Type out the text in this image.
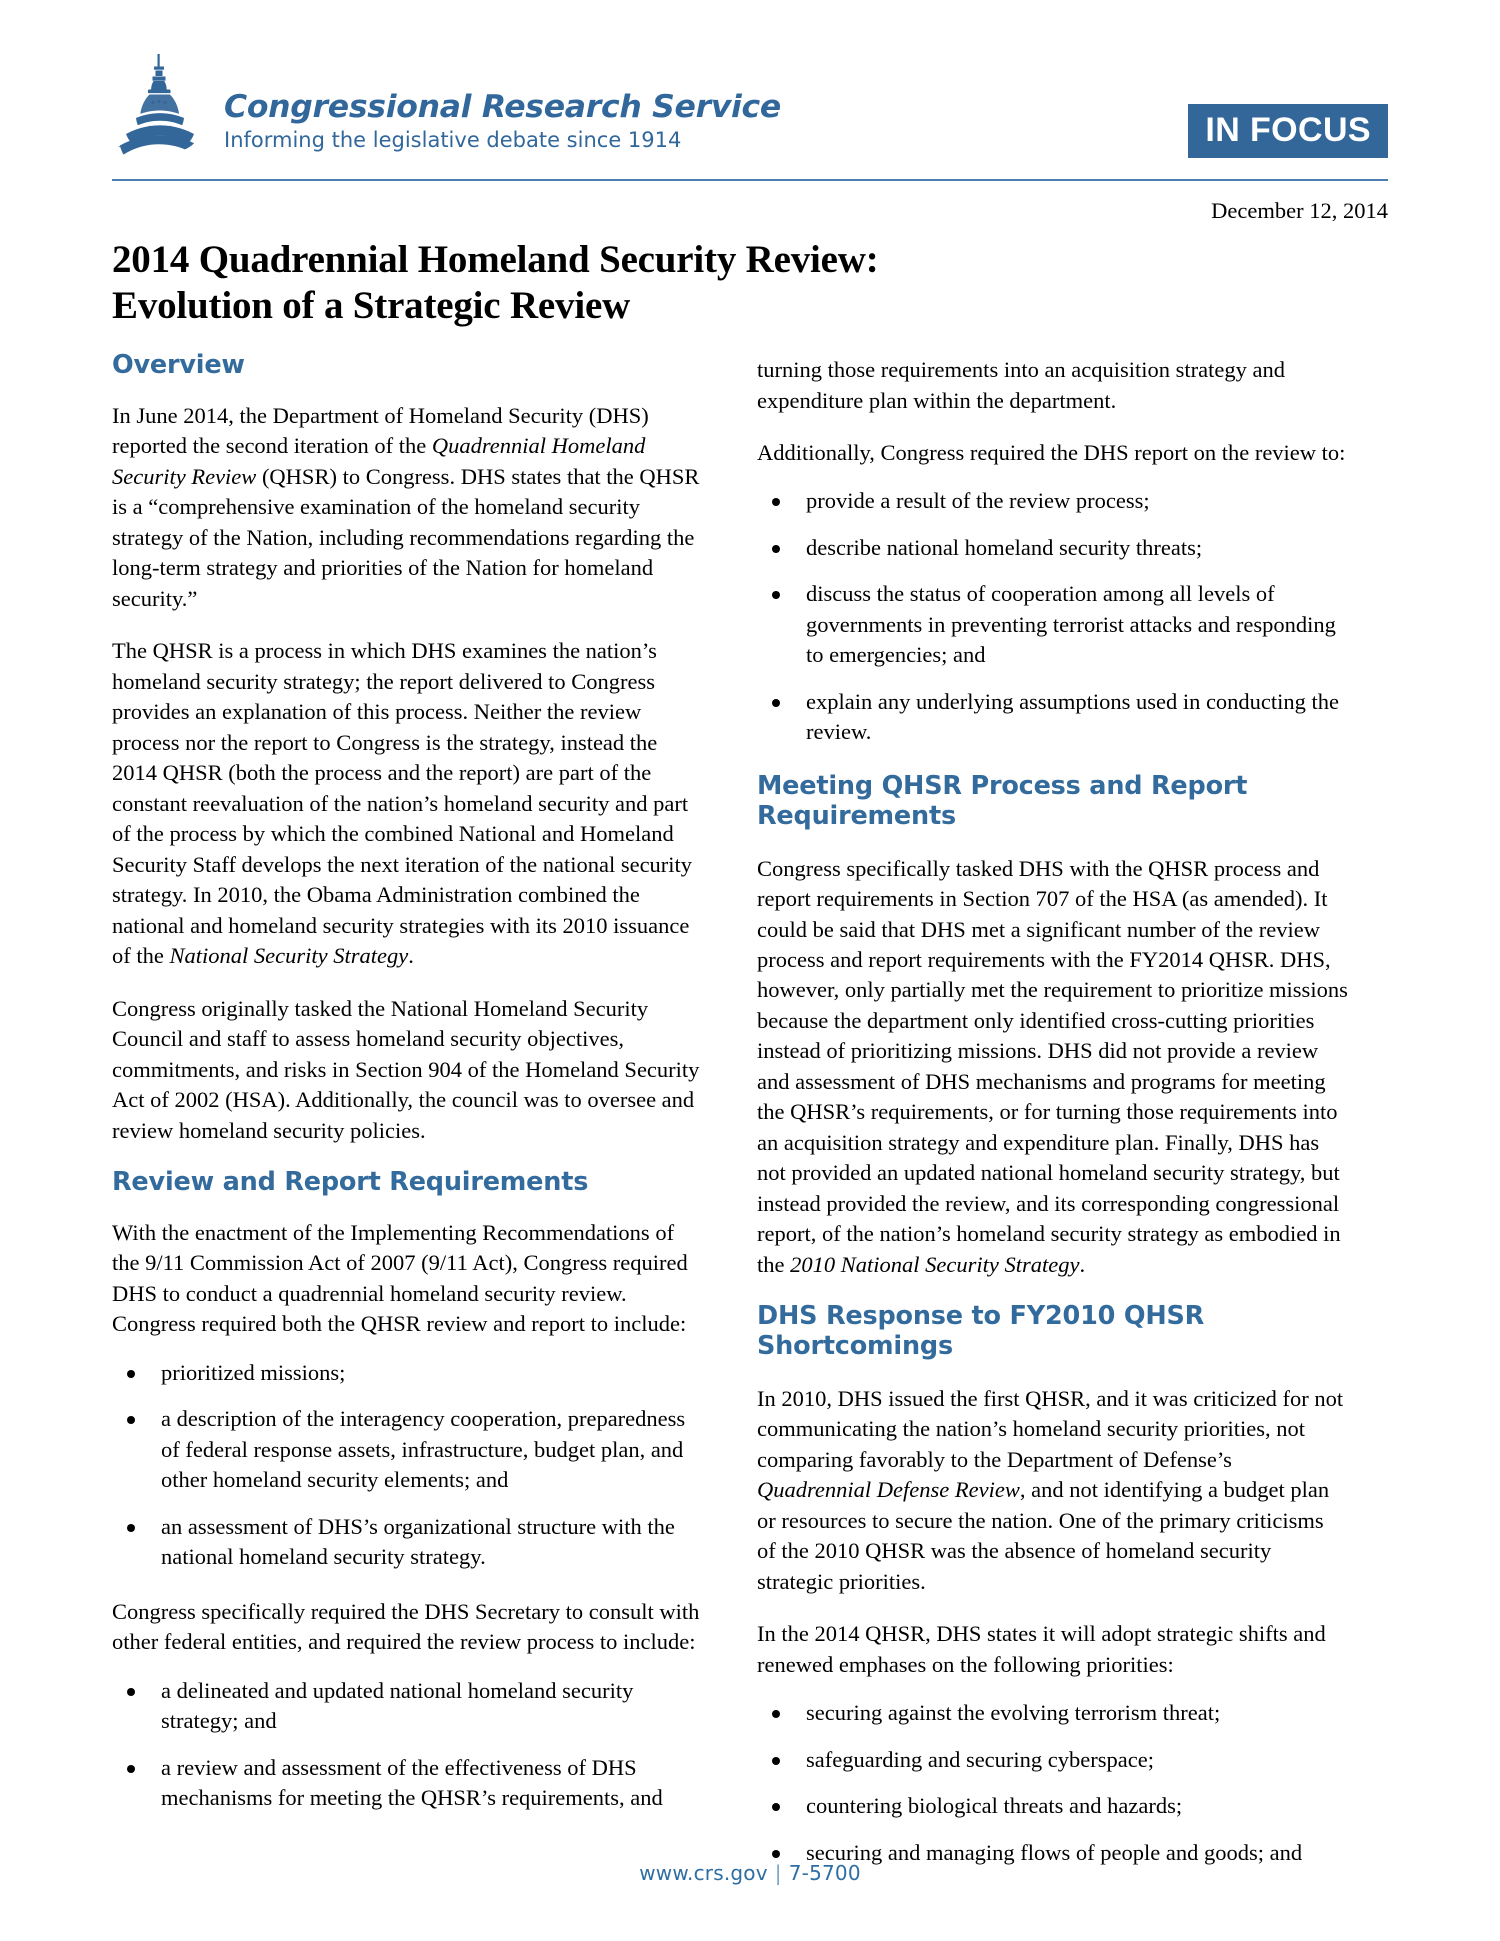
Congressional Research Service
Informing the legislative debate since 1914	IN FOCUS
December 12, 2014
2014 Quadrennial Homeland Security Review:
Evolution of a Strategic Review
Overview

In June 2014, the Department of Homeland Security (DHS) reported the second iteration of the Quadrennial Homeland Security Review (QHSR) to Congress. DHS states that the QHSR is a “comprehensive examination of the homeland security strategy of the Nation, including recommendations regarding the long-term strategy and priorities of the Nation for homeland security.”

The QHSR is a process in which DHS examines the nation’s homeland security strategy; the report delivered to Congress provides an explanation of this process. Neither the review process nor the report to Congress is the strategy, instead the 2014 QHSR (both the process and the report) are part of the constant reevaluation of the nation’s homeland security and part of the process by which the combined National and Homeland Security Staff develops the next iteration of the national security strategy. In 2010, the Obama Administration combined the national and homeland security strategies with its 2010 issuance of the National Security Strategy.

Congress originally tasked the National Homeland Security Council and staff to assess homeland security objectives, commitments, and risks in Section 904 of the Homeland Security Act of 2002 (HSA). Additionally, the council was to oversee and review homeland security policies.

Review and Report Requirements

With the enactment of the Implementing Recommendations of the 9/11 Commission Act of 2007 (9/11 Act), Congress required DHS to conduct a quadrennial homeland security review. Congress required both the QHSR review and report to include:

prioritized missions;
a description of the interagency cooperation, preparedness of federal response assets, infrastructure, budget plan, and other homeland security elements; and
an assessment of DHS’s organizational structure with the national homeland security strategy.

Congress specifically required the DHS Secretary to consult with other federal entities, and required the review process to include:

a delineated and updated national homeland security strategy; and
a review and assessment of the effectiveness of DHS mechanisms for meeting the QHSR’s requirements, and

turning those requirements into an acquisition strategy and expenditure plan within the department.

Additionally, Congress required the DHS report on the review to:

provide a result of the review process;
describe national homeland security threats;
discuss the status of cooperation among all levels of governments in preventing terrorist attacks and responding to emergencies; and
explain any underlying assumptions used in conducting the review.
Meeting QHSR Process and Report
Requirements

Congress specifically tasked DHS with the QHSR process and report requirements in Section 707 of the HSA (as amended). It could be said that DHS met a significant number of the review process and report requirements with the FY2014 QHSR. DHS, however, only partially met the requirement to prioritize missions because the department only identified cross-cutting priorities instead of prioritizing missions. DHS did not provide a review and assessment of DHS mechanisms and programs for meeting the QHSR’s requirements, or for turning those requirements into an acquisition strategy and expenditure plan. Finally, DHS has not provided an updated national homeland security strategy, but instead provided the review, and its corresponding congressional report, of the nation’s homeland security strategy as embodied in the 2010 National Security Strategy.

DHS Response to FY2010 QHSR
Shortcomings

In 2010, DHS issued the first QHSR, and it was criticized for not communicating the nation’s homeland security priorities, not comparing favorably to the Department of Defense’s Quadrennial Defense Review, and not identifying a budget plan or resources to secure the nation. One of the primary criticisms of the 2010 QHSR was the absence of homeland security strategic priorities.

In the 2014 QHSR, DHS states it will adopt strategic shifts and renewed emphases on the following priorities:

securing against the evolving terrorism threat;
safeguarding and securing cyberspace;
countering biological threats and hazards;
securing and managing flows of people and goods; and
www.crs.gov | 7-5700
